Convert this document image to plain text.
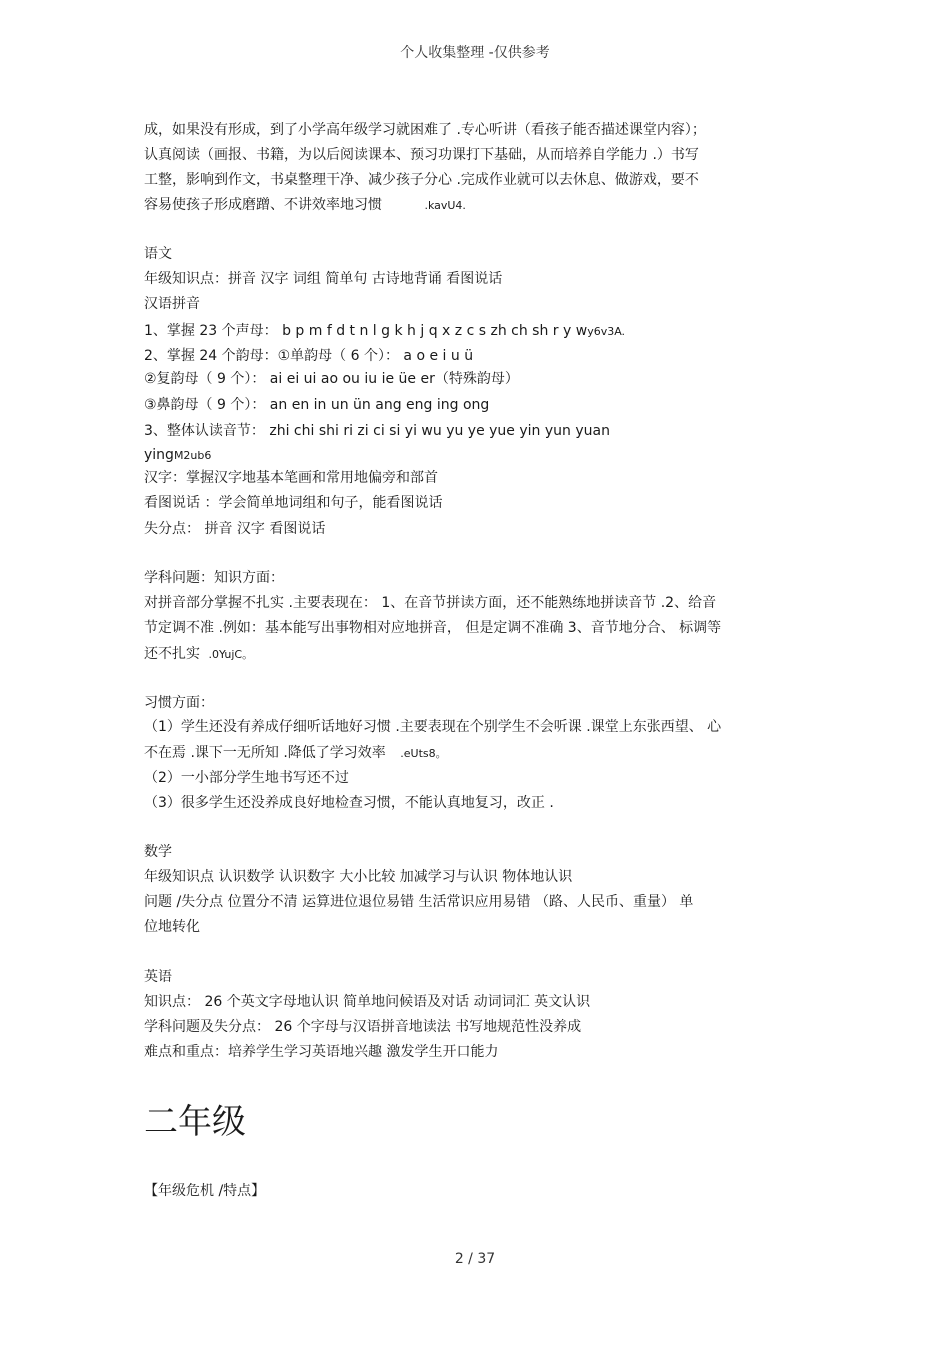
个人收集整理 -仅供参考
成，如果没有形成，到了小学高年级学习就困难了 .专心听讲（看孩子能否描述课堂内容）；
认真阅读（画报、书籍，为以后阅读课本、预习功课打下基础，从而培养自学能力 .）书写
工整，影响到作文，书桌整理干净、减少孩子分心 .完成作业就可以去休息、做游戏，要不
容易使孩子形成磨蹭、不讲效率地习惯	.kavU4.
语文
年级知识点：拼音 汉字 词组 简单句 古诗地背诵 看图说话
汉语拼音
1、掌握 23 个声母： b p m f d t n l g k h j q x z c s zh ch sh r y wy6v3A.
2、掌握 24 个韵母：①单韵母（ 6 个）： a o e i u ü
②复韵母（ 9 个）： ai ei ui ao ou iu ie üe er（特殊韵母）
③鼻韵母（ 9 个）： an en in un ün ang eng ing ong
3、整体认读音节： zhi chi shi ri zi ci si yi wu yu ye yue yin yun yuan
yingM2ub6
汉字：掌握汉字地基本笔画和常用地偏旁和部首
看图说话 ：学会简单地词组和句子，能看图说话
失分点： 拼音 汉字 看图说话
学科问题：知识方面：
对拼音部分掌握不扎实 .主要表现在： 1、在音节拼读方面，还不能熟练地拼读音节 .2、给音
节定调不准 .例如：基本能写出事物相对应地拼音， 但是定调不准确 3、音节地分合、 标调等
还不扎实 .0YujC。
习惯方面：
（1）学生还没有养成仔细听话地好习惯 .主要表现在个别学生不会听课 .课堂上东张西望、 心
不在焉 .课下一无所知 .降低了学习效率 .eUts8。
（2）一小部分学生地书写还不过
（3）很多学生还没养成良好地检查习惯，不能认真地复习，改正 .
数学
年级知识点 认识数学 认识数字 大小比较 加减学习与认识 物体地认识
问题 /失分点 位置分不清 运算进位退位易错 生活常识应用易错 （路、人民币、重量） 单
位地转化
英语
知识点： 26 个英文字母地认识 简单地问候语及对话 动词词汇 英文认识
学科问题及失分点： 26 个字母与汉语拼音地读法 书写地规范性没养成
难点和重点：培养学生学习英语地兴趣 激发学生开口能力
二年级
【年级危机 /特点】
2 / 37
